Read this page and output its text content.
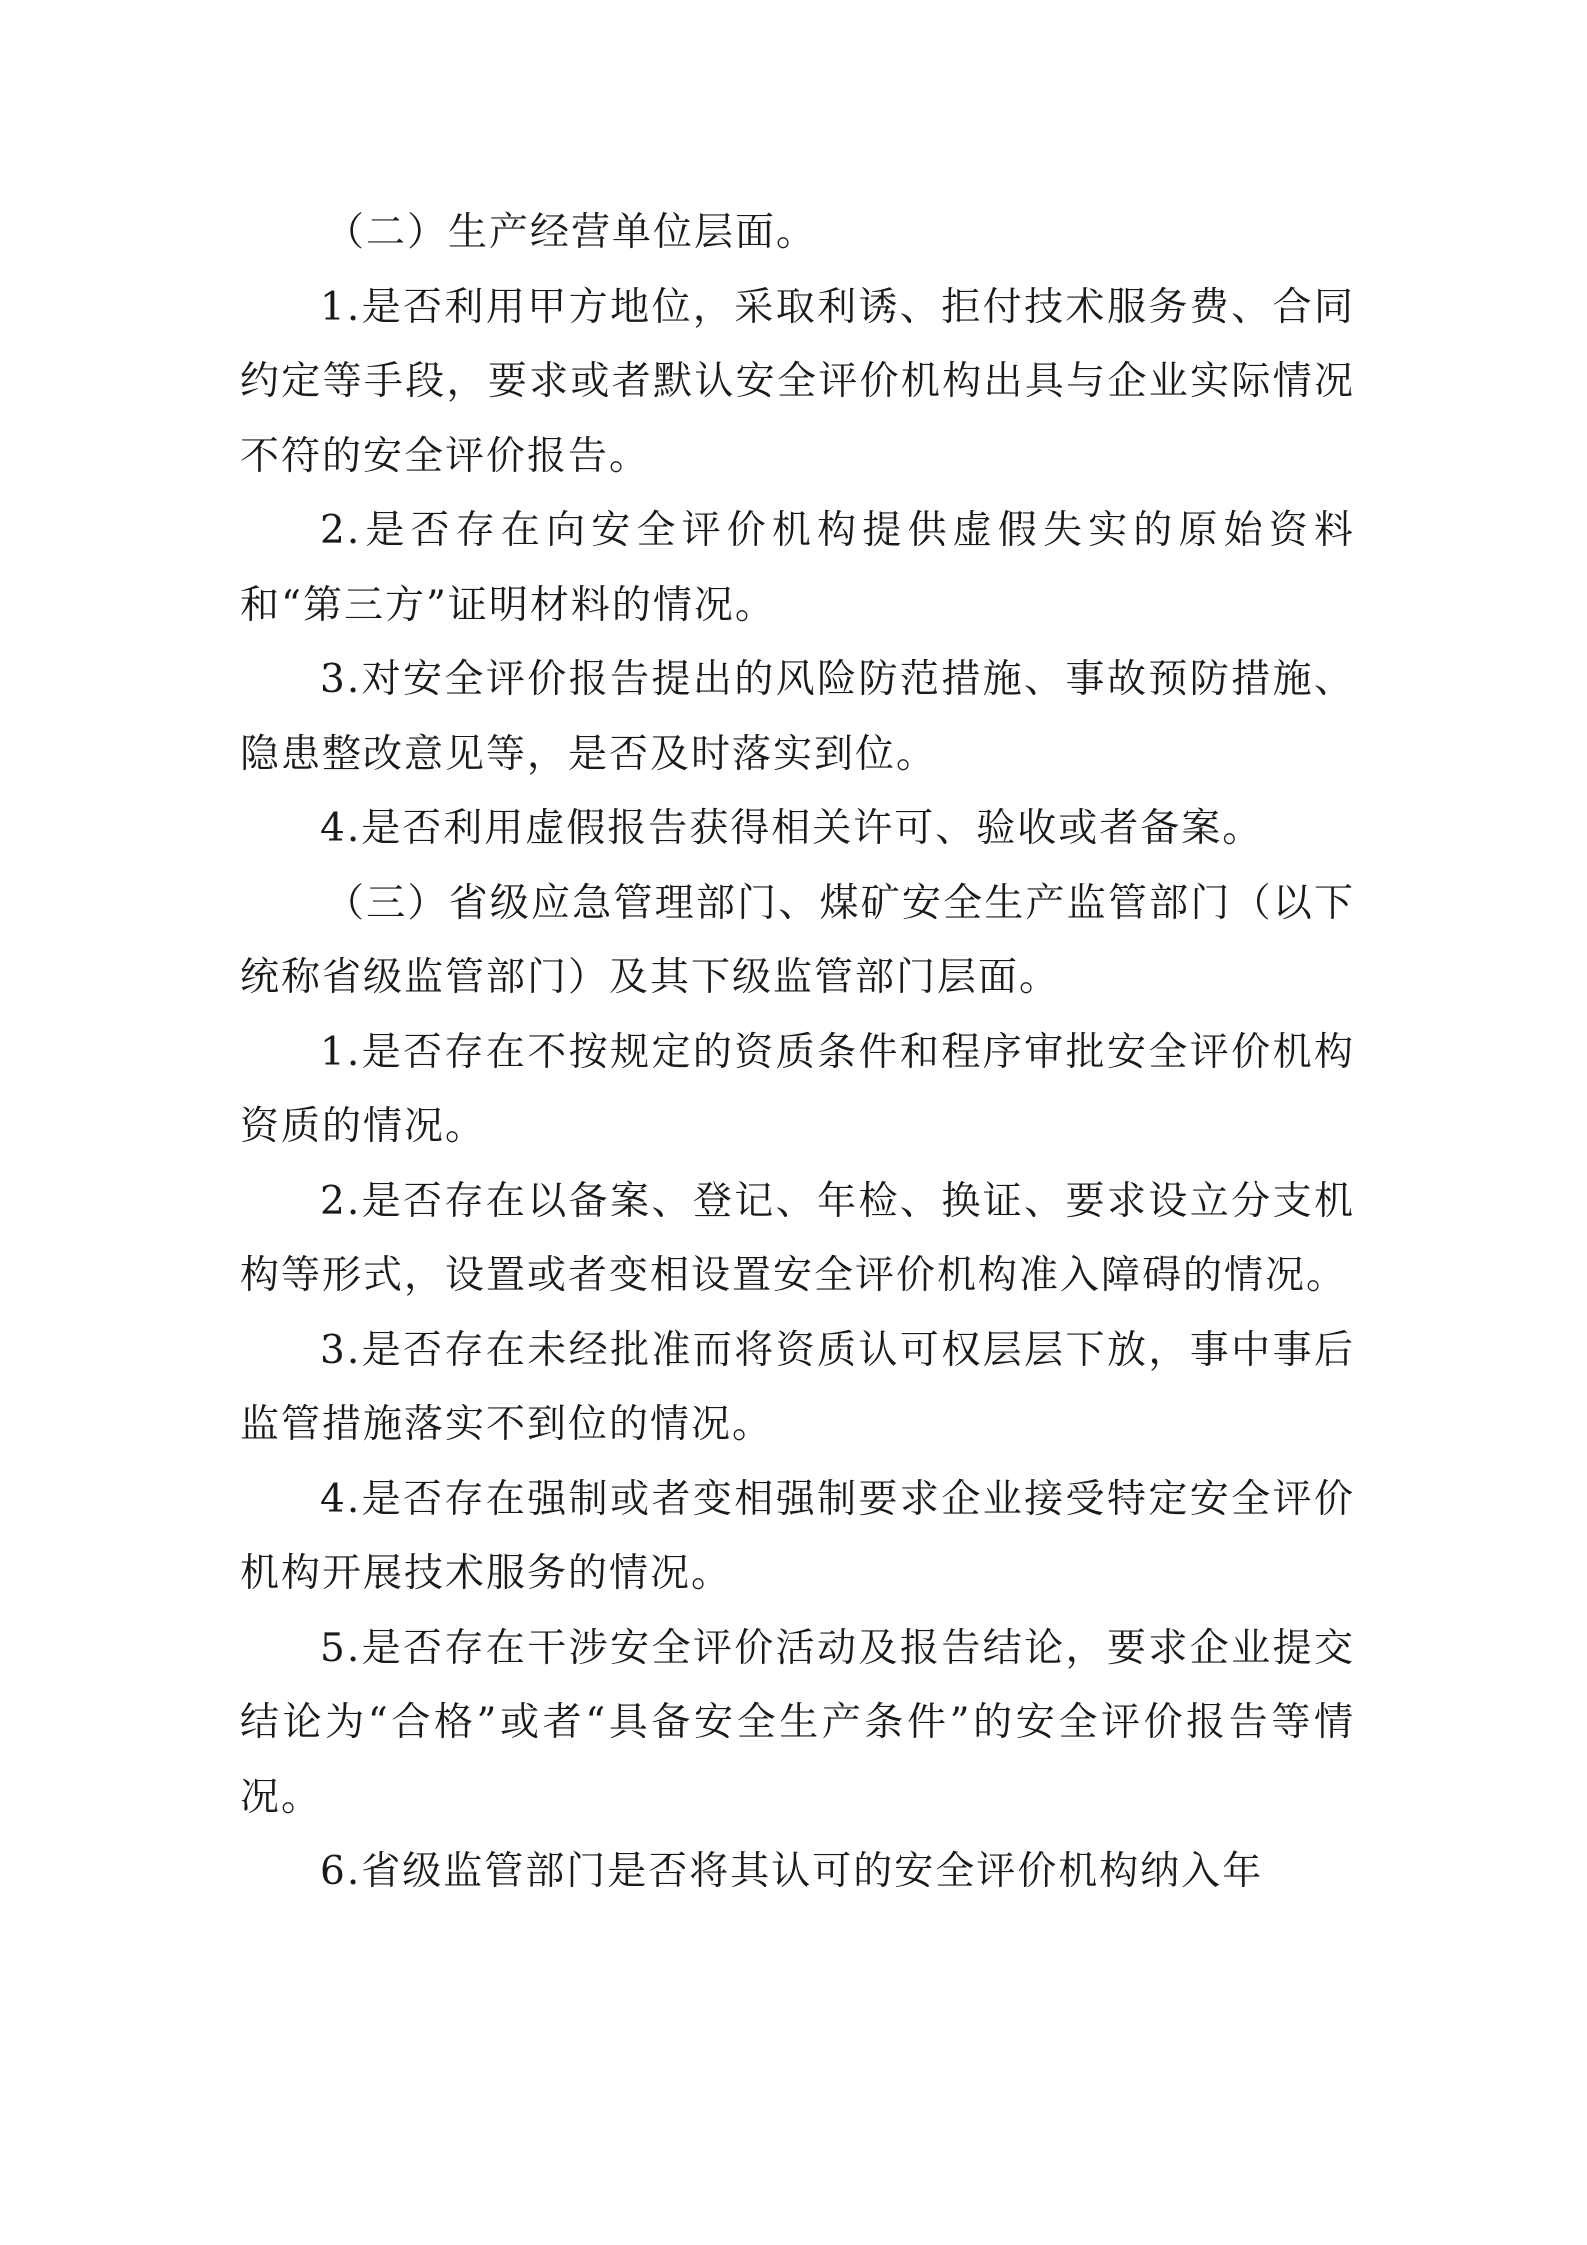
（二）生产经营单位层面。

1.是否利用甲方地位，采取利诱、拒付技术服务费、合同约定等手段，要求或者默认安全评价机构出具与企业实际情况不符的安全评价报告。

2.是否存在向安全评价机构提供虚假失实的原始资料和“第三方”证明材料的情况。

3.对安全评价报告提出的风险防范措施、事故预防措施、隐患整改意见等，是否及时落实到位。

4.是否利用虚假报告获得相关许可、验收或者备案。

（三）省级应急管理部门、煤矿安全生产监管部门（以下统称省级监管部门）及其下级监管部门层面。

1.是否存在不按规定的资质条件和程序审批安全评价机构资质的情况。

2.是否存在以备案、登记、年检、换证、要求设立分支机构等形式，设置或者变相设置安全评价机构准入障碍的情况。

3.是否存在未经批准而将资质认可权层层下放，事中事后监管措施落实不到位的情况。

4.是否存在强制或者变相强制要求企业接受特定安全评价机构开展技术服务的情况。

5.是否存在干涉安全评价活动及报告结论，要求企业提交结论为“合格”或者“具备安全生产条件”的安全评价报告等情况。

6.省级监管部门是否将其认可的安全评价机构纳入年
